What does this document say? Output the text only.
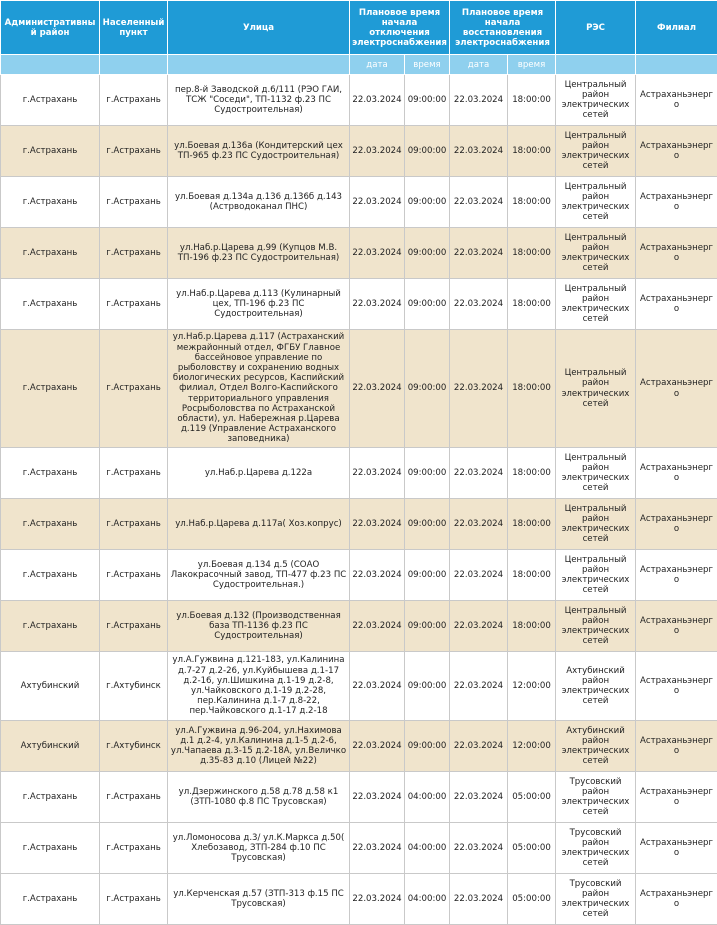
Административный район	Населенный пункт	Улица	Плановое время начала отключения электроснабжения		Плановое время начала восстановления электроснабжения		РЭС	Филиал
			дата	время	дата	время		
г.Астрахань	г.Астрахань	пер.8-й Заводской д.6/111 (РЭО ГАИ, ТСЖ "Соседи", ТП-1132 ф.23 ПС Судостроительная)	22.03.2024	09:00:00	22.03.2024	18:00:00	Центральный район электрических сетей	Астраханьэнерго
г.Астрахань	г.Астрахань	ул.Боевая д.136а (Кондитерский цех ТП-965 ф.23 ПС Судостроительная)	22.03.2024	09:00:00	22.03.2024	18:00:00	Центральный район электрических сетей	Астраханьэнерго
г.Астрахань	г.Астрахань	ул.Боевая д.134а д.136 д.136б д.143 (Астрводоканал ПНС)	22.03.2024	09:00:00	22.03.2024	18:00:00	Центральный район электрических сетей	Астраханьэнерго
г.Астрахань	г.Астрахань	ул.Наб.р.Царева д.99 (Купцов М.В. ТП-196 ф.23 ПС Судостроительная)	22.03.2024	09:00:00	22.03.2024	18:00:00	Центральный район электрических сетей	Астраханьэнерго
г.Астрахань	г.Астрахань	ул.Наб.р.Царева д.113 (Кулинарный цех, ТП-196 ф.23 ПС Судостроительная)	22.03.2024	09:00:00	22.03.2024	18:00:00	Центральный район электрических сетей	Астраханьэнерго
г.Астрахань	г.Астрахань	ул.Наб.р.Царева д.117 (Астраханский межрайонный отдел, ФГБУ Главное бассейновое управление по рыболовству и сохранению водных биологических ресурсов, Каспийский филиал, Отдел Волго-Каспийского территориального управления Росрыболовства по Астраханской области), ул. Набережная р.Царева д.119 (Управление Астраханского заповедника)	22.03.2024	09:00:00	22.03.2024	18:00:00	Центральный район электрических сетей	Астраханьэнерго
г.Астрахань	г.Астрахань	ул.Наб.р.Царева д.122а	22.03.2024	09:00:00	22.03.2024	18:00:00	Центральный район электрических сетей	Астраханьэнерго
г.Астрахань	г.Астрахань	ул.Наб.р.Царева д.117а( Хоз.копрус)	22.03.2024	09:00:00	22.03.2024	18:00:00	Центральный район электрических сетей	Астраханьэнерго
г.Астрахань	г.Астрахань	ул.Боевая д.134 д.5 (СОАО Лакокрасочный завод, ТП-477 ф.23 ПС Судостроительная.)	22.03.2024	09:00:00	22.03.2024	18:00:00	Центральный район электрических сетей	Астраханьэнерго
г.Астрахань	г.Астрахань	ул.Боевая д.132 (Производственная база ТП-1136 ф.23 ПС Судостроительная)	22.03.2024	09:00:00	22.03.2024	18:00:00	Центральный район электрических сетей	Астраханьэнерго
Ахтубинский	г.Ахтубинск	ул.А.Гужвина д.121-183, ул.Калинина д.7-27 д.2-26, ул.Куйбышева д.1-17 д.2-16, ул.Шишкина д.1-19 д.2-8, ул.Чайковского д.1-19 д.2-28, пер.Калинина д.1-7 д.8-22, пер.Чайковского д.1-17 д.2-18	22.03.2024	09:00:00	22.03.2024	12:00:00	Ахтубинский район электрических сетей	Астраханьэнерго
Ахтубинский	г.Ахтубинск	ул.А.Гужвина д.96-204, ул.Нахимова д.1 д.2-4, ул.Калинина д.1-5 д.2-6, ул.Чапаева д.3-15 д.2-18А, ул.Величко д.35-83 д.10 (Лицей №22)	22.03.2024	09:00:00	22.03.2024	12:00:00	Ахтубинский район электрических сетей	Астраханьэнерго
г.Астрахань	г.Астрахань	ул.Дзержинского д.58 д.78 д.58 к1 (ЗТП-1080 ф.8 ПС Трусовская)	22.03.2024	04:00:00	22.03.2024	05:00:00	Трусовский район электрических сетей	Астраханьэнерго
г.Астрахань	г.Астрахань	ул.Ломоносова д.3/ ул.К.Маркса д.50( Хлебозавод, ЗТП-284 ф.10 ПС Трусовская)	22.03.2024	04:00:00	22.03.2024	05:00:00	Трусовский район электрических сетей	Астраханьэнерго
г.Астрахань	г.Астрахань	ул.Керченская д.57 (ЗТП-313 ф.15 ПС Трусовская)	22.03.2024	04:00:00	22.03.2024	05:00:00	Трусовский район электрических сетей	Астраханьэнерго
